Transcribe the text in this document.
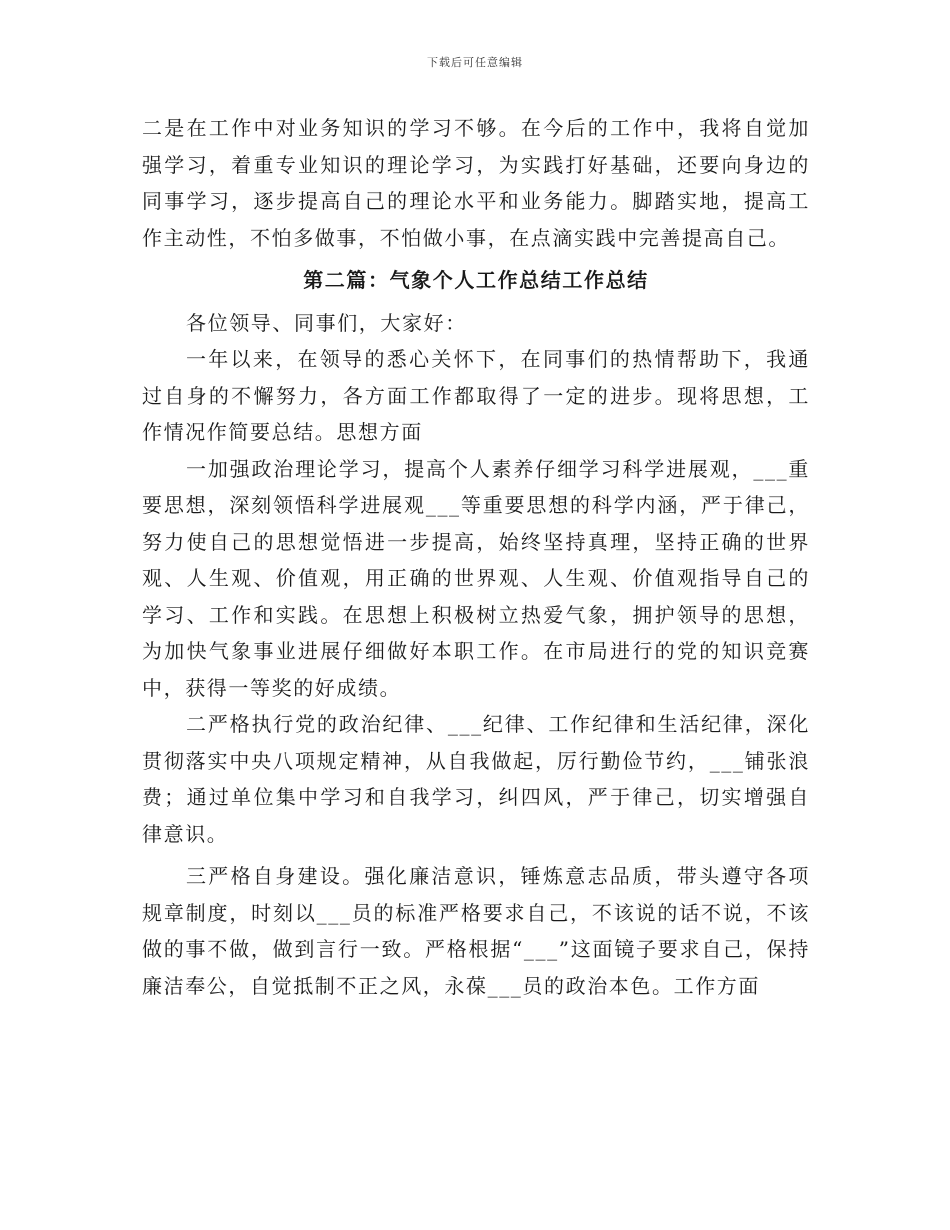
下载后可任意编辑

二是在工作中对业务知识的学习不够。在今后的工作中，我将自觉加强学习，着重专业知识的理论学习，为实践打好基础，还要向身边的同事学习，逐步提高自己的理论水平和业务能力。脚踏实地，提高工作主动性，不怕多做事，不怕做小事，在点滴实践中完善提高自己。

第二篇：气象个人工作总结工作总结

各位领导、同事们，大家好：

一年以来，在领导的悉心关怀下，在同事们的热情帮助下，我通过自身的不懈努力，各方面工作都取得了一定的进步。现将思想，工作情况作简要总结。思想方面

一加强政治理论学习，提高个人素养仔细学习科学进展观，___重要思想，深刻领悟科学进展观___等重要思想的科学内涵，严于律己，努力使自己的思想觉悟进一步提高，始终坚持真理，坚持正确的世界观、人生观、价值观，用正确的世界观、人生观、价值观指导自己的学习、工作和实践。在思想上积极树立热爱气象，拥护领导的思想，为加快气象事业进展仔细做好本职工作。在市局进行的党的知识竞赛中，获得一等奖的好成绩。

二严格执行党的政治纪律、___纪律、工作纪律和生活纪律，深化贯彻落实中央八项规定精神，从自我做起，厉行勤俭节约，___铺张浪费；通过单位集中学习和自我学习，纠四风，严于律己，切实增强自律意识。

三严格自身建设。强化廉洁意识，锤炼意志品质，带头遵守各项规章制度，时刻以___员的标准严格要求自己，不该说的话不说，不该做的事不做，做到言行一致。严格根据“___”这面镜子要求自己，保持廉洁奉公，自觉抵制不正之风，永葆___员的政治本色。工作方面
